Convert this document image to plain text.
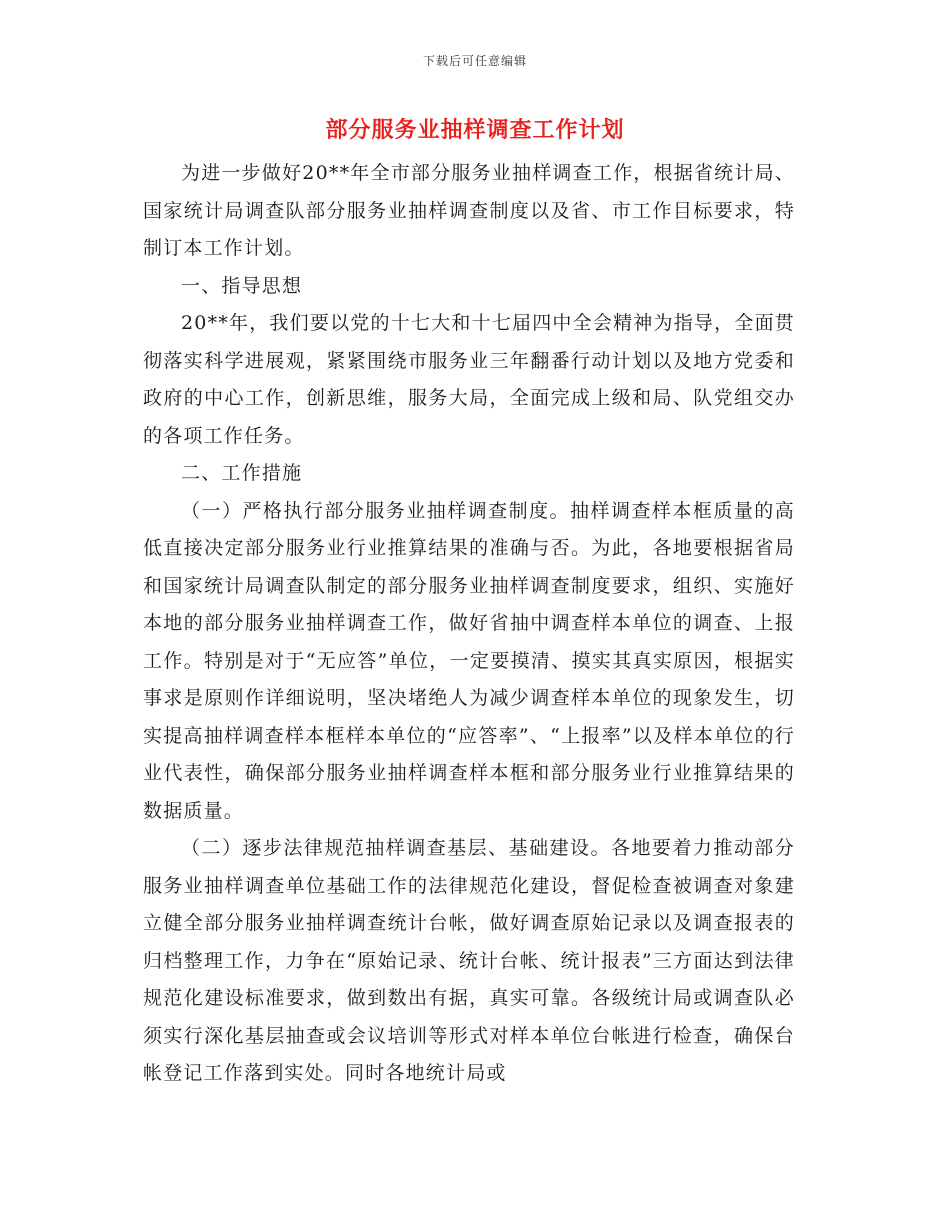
下载后可任意编辑
部分服务业抽样调查工作计划

为进一步做好20**年全市部分服务业抽样调查工作，根据省统计局、国家统计局调查队部分服务业抽样调查制度以及省、市工作目标要求，特制订本工作计划。

一、指导思想

20**年，我们要以党的十七大和十七届四中全会精神为指导，全面贯彻落实科学进展观，紧紧围绕市服务业三年翻番行动计划以及地方党委和政府的中心工作，创新思维，服务大局，全面完成上级和局、队党组交办的各项工作任务。

二、工作措施

（一）严格执行部分服务业抽样调查制度。抽样调查样本框质量的高低直接决定部分服务业行业推算结果的准确与否。为此，各地要根据省局和国家统计局调查队制定的部分服务业抽样调查制度要求，组织、实施好本地的部分服务业抽样调查工作，做好省抽中调查样本单位的调查、上报工作。特别是对于“无应答”单位，一定要摸清、摸实其真实原因，根据实事求是原则作详细说明，坚决堵绝人为减少调查样本单位的现象发生，切实提高抽样调查样本框样本单位的“应答率”、“上报率”以及样本单位的行业代表性，确保部分服务业抽样调查样本框和部分服务业行业推算结果的数据质量。

（二）逐步法律规范抽样调查基层、基础建设。各地要着力推动部分服务业抽样调查单位基础工作的法律规范化建设，督促检查被调查对象建立健全部分服务业抽样调查统计台帐，做好调查原始记录以及调查报表的归档整理工作，力争在“原始记录、统计台帐、统计报表”三方面达到法律规范化建设标准要求，做到数出有据，真实可靠。各级统计局或调查队必须实行深化基层抽查或会议培训等形式对样本单位台帐进行检查，确保台帐登记工作落到实处。同时各地统计局或
